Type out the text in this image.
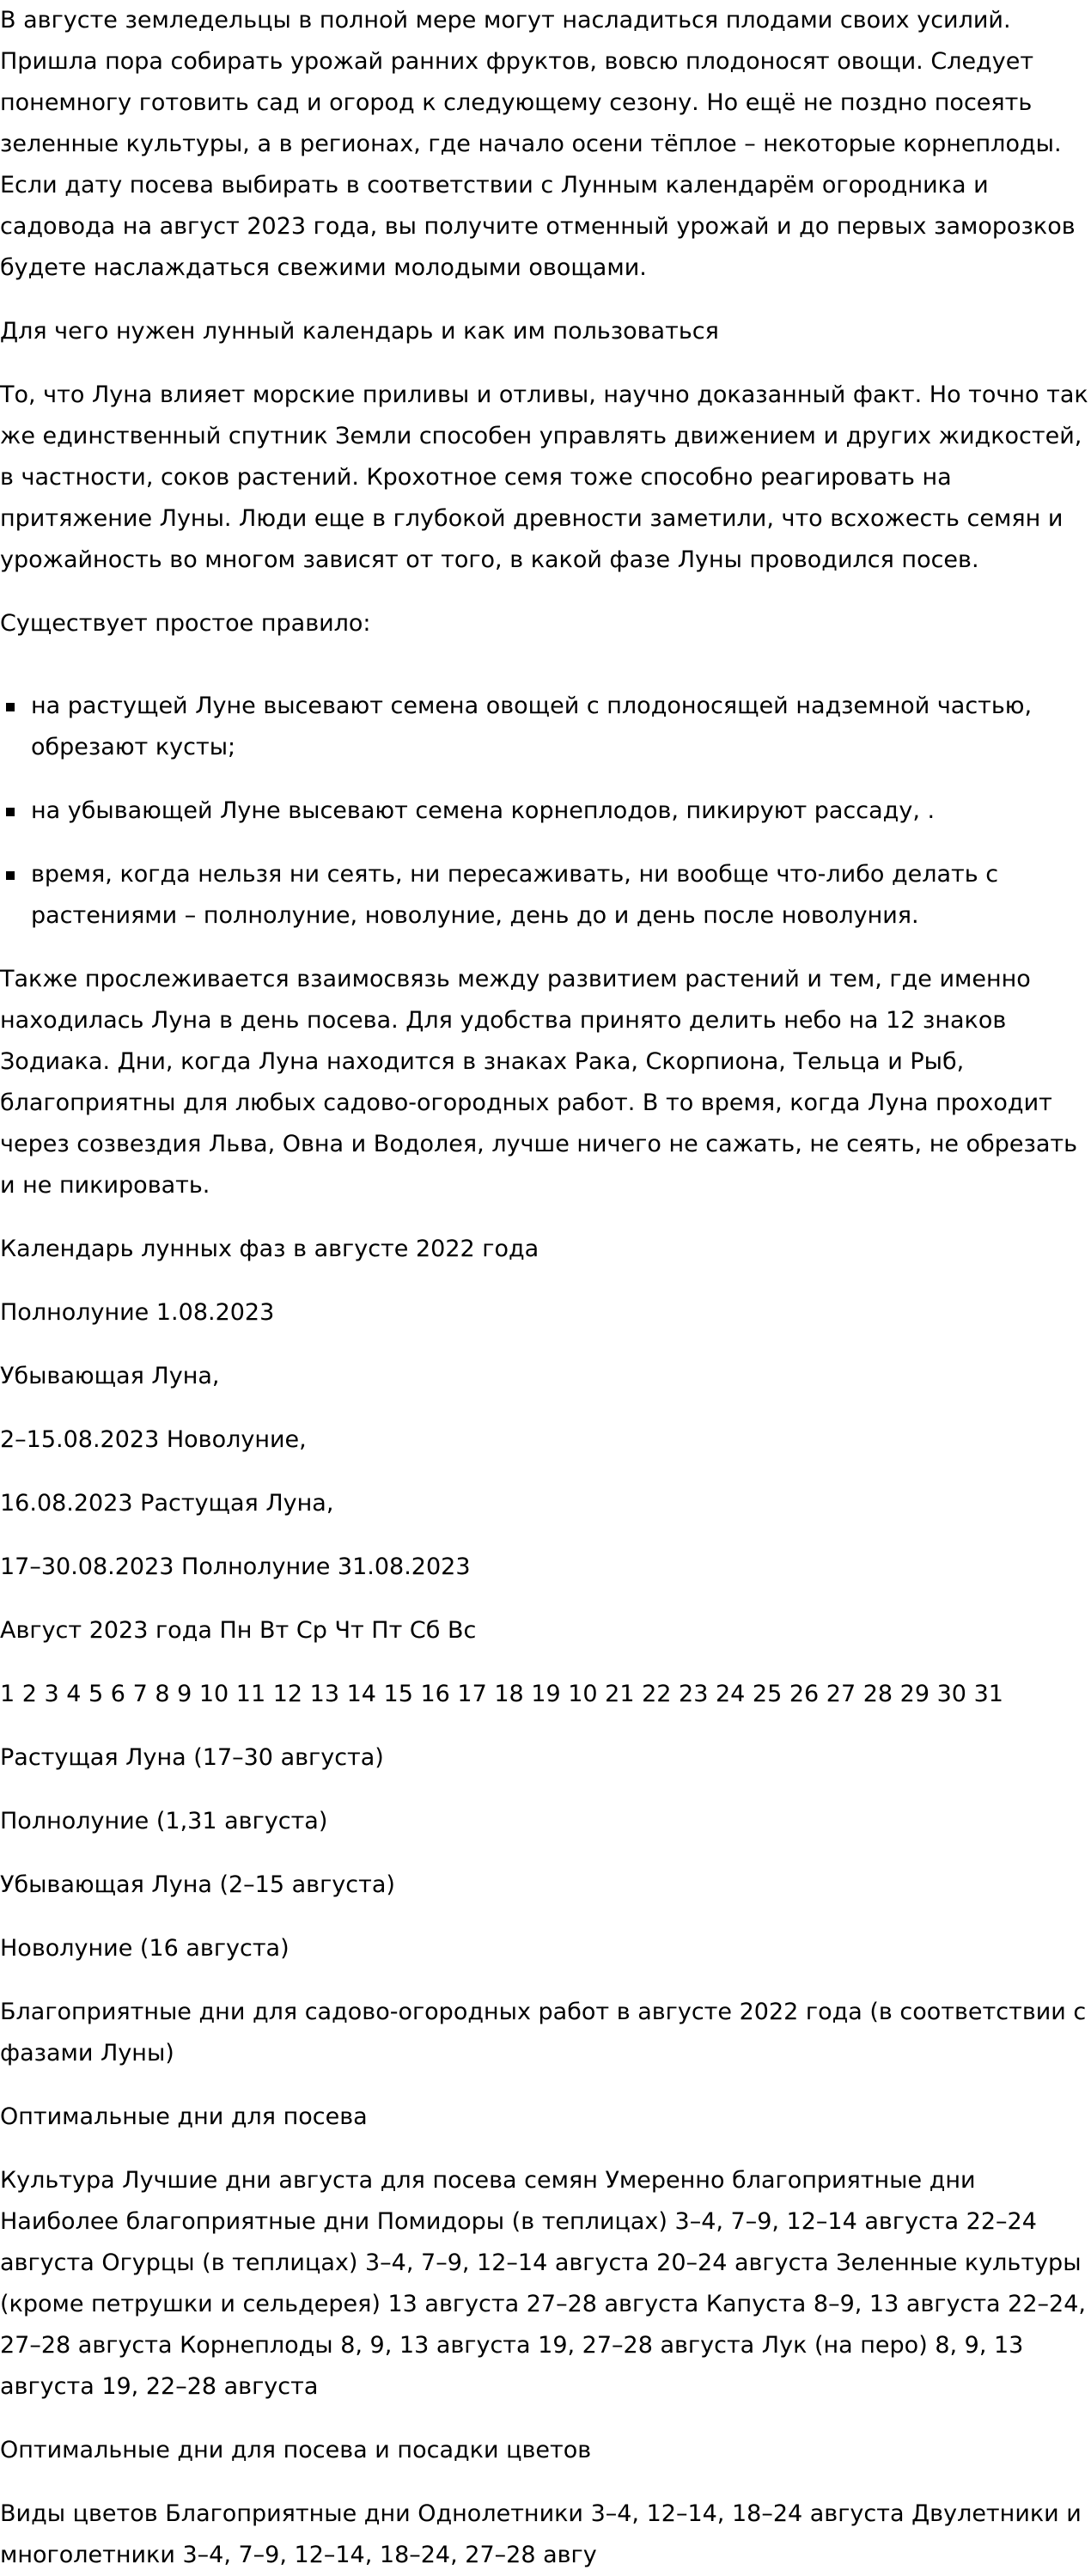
В августе земледельцы в полной мере могут насладиться плодами своих усилий. Пришла пора собирать урожай ранних фруктов, вовсю плодоносят овощи. Следует понемногу готовить сад и огород к следующему сезону. Но ещё не поздно посеять зеленные культуры, а в регионах, где начало осени тёплое – некоторые корнеплоды. Если дату посева выбирать в соответствии с Лунным календарём огородника и садовода на август 2023 года, вы получите отменный урожай и до первых заморозков будете наслаждаться свежими молодыми овощами.

Для чего нужен лунный календарь и как им пользоваться

То, что Луна влияет морские приливы и отливы, научно доказанный факт. Но точно так же единственный спутник Земли способен управлять движением и других жидкостей, в частности, соков растений. Крохотное семя тоже способно реагировать на притяжение Луны. Люди еще в глубокой древности заметили, что всхожесть семян и урожайность во многом зависят от того, в какой фазе Луны проводился посев.

Существует простое правило:

на растущей Луне высевают семена овощей с плодоносящей надземной частью, обрезают кусты;
на убывающей Луне высевают семена корнеплодов, пикируют рассаду, .
время, когда нельзя ни сеять, ни пересаживать, ни вообще что-либо делать с растениями – полнолуние, новолуние, день до и день после новолуния.

Также прослеживается взаимосвязь между развитием растений и тем, где именно находилась Луна в день посева. Для удобства принято делить небо на 12 знаков Зодиака. Дни, когда Луна находится в знаках Рака, Скорпиона, Тельца и Рыб, благоприятны для любых садово-огородных работ. В то время, когда Луна проходит через созвездия Льва, Овна и Водолея, лучше ничего не сажать, не сеять, не обрезать и не пикировать.

Календарь лунных фаз в августе 2022 года

Полнолуние 1.08.2023

Убывающая Луна,

2–15.08.2023 Новолуние,

16.08.2023 Растущая Луна,

17–30.08.2023 Полнолуние 31.08.2023

Август 2023 года Пн Вт Ср Чт Пт Сб Вс

1 2 3 4 5 6 7 8 9 10 11 12 13 14 15 16 17 18 19 10 21 22 23 24 25 26 27 28 29 30 31

Растущая Луна (17–30 августа)

Полнолуние (1,31 августа)

Убывающая Луна (2–15 августа)

Новолуние (16 августа)

Благоприятные дни для садово-огородных работ в августе 2022 года (в соответствии с фазами Луны)

Оптимальные дни для посева

Культура Лучшие дни августа для посева семян Умеренно благоприятные дни Наиболее благоприятные дни Помидоры (в теплицах) 3–4, 7–9, 12–14 августа 22–24 августа Огурцы (в теплицах) 3–4, 7–9, 12–14 августа 20–24 августа Зеленные культуры (кроме петрушки и сельдерея) 13 августа 27–28 августа Капуста 8–9, 13 августа 22–24, 27–28 августа Корнеплоды 8, 9, 13 августа 19, 27–28 августа Лук (на перо) 8, 9, 13 августа 19, 22–28 августа

Оптимальные дни для посева и посадки цветов

Виды цветов Благоприятные дни Однолетники 3–4, 12–14, 18–24 августа Двулетники и многолетники 3–4, 7–9, 12–14, 18–24, 27–28 авгу
